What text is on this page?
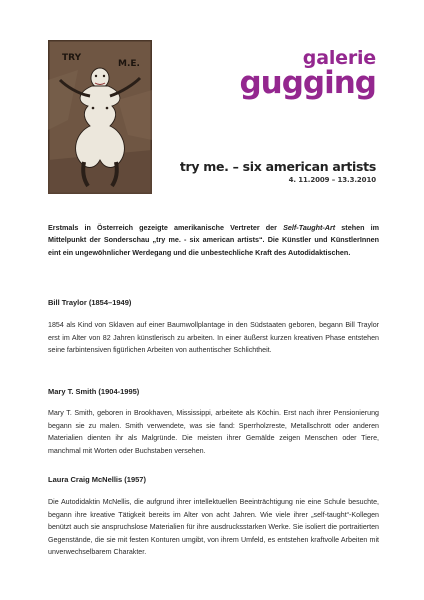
TRY
M.E.	galerie
gugging
try me. – six american artists
4. 11.2009 – 13.3.2010
Erstmals in Österreich gezeigte amerikanische Vertreter der Self-Taught-Art stehen im Mittelpunkt der Sonderschau „try me. - six american artists“. Die Künstler und KünstlerInnen eint ein ungewöhnlicher Werdegang und die unbestechliche Kraft des Autodidaktischen.
Bill Traylor (1854–1949)
1854 als Kind von Sklaven auf einer Baumwollplantage in den Südstaaten geboren, begann Bill Traylor erst im Alter von 82 Jahren künstlerisch zu arbeiten. In einer äußerst kurzen kreativen Phase entstehen seine farbintensiven figürlichen Arbeiten von authentischer Schlichtheit.
Mary T. Smith (1904-1995)
Mary T. Smith, geboren in Brookhaven, Mississippi, arbeitete als Köchin. Erst nach ihrer Pensionierung begann sie zu malen. Smith verwendete, was sie fand: Sperrholzreste, Metallschrott oder anderen Materialien dienten ihr als Malgründe. Die meisten ihrer Gemälde zeigen Menschen oder Tiere, manchmal mit Worten oder Buchstaben versehen.
Laura Craig McNellis (1957)
Die Autodidaktin McNellis, die aufgrund ihrer intellektuellen Beeinträchtigung nie eine Schule besuchte, begann ihre kreative Tätigkeit bereits im Alter von acht Jahren. Wie viele ihrer „self-taught“-Kollegen benützt auch sie anspruchslose Materialien für ihre ausdrucksstarken Werke. Sie isoliert die portraitierten Gegenstände, die sie mit festen Konturen umgibt, von ihrem Umfeld, es entstehen kraftvolle Arbeiten mit unverwechselbarem Charakter.
